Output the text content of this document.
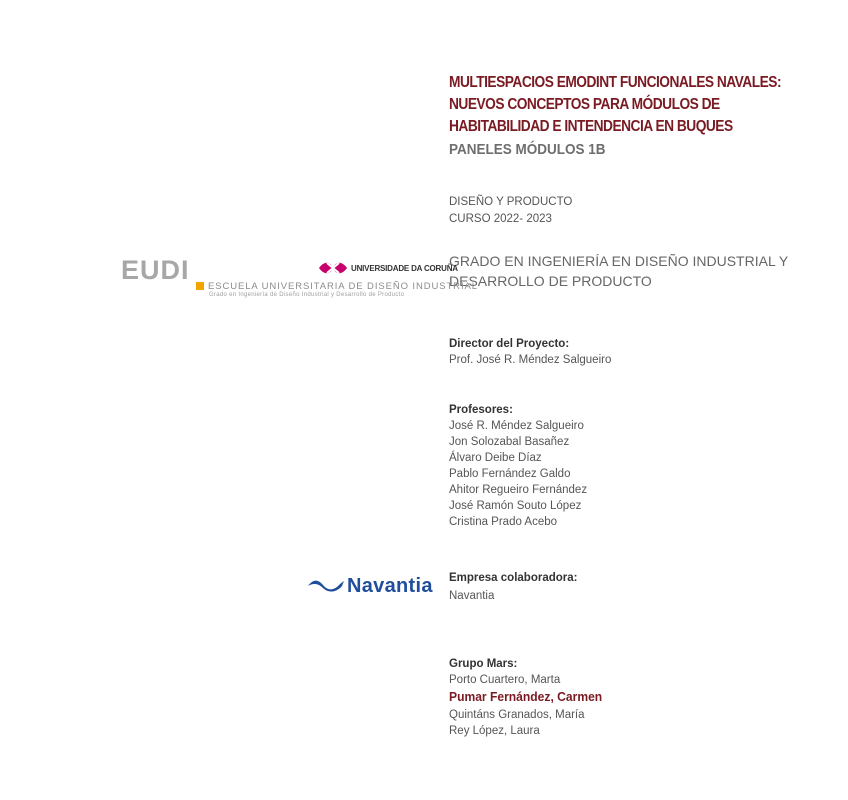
MULTIESPACIOS EMODINT FUNCIONALES NAVALES:
NUEVOS CONCEPTOS PARA MÓDULOS DE
HABITABILIDAD E INTENDENCIA EN BUQUES
PANELES MÓDULOS 1B
DISEÑO Y PRODUCTO
CURSO 2022- 2023
GRADO EN INGENIERÍA EN DISEÑO INDUSTRIAL Y
DESARROLLO DE PRODUCTO
EUDI
ESCUELA UNIVERSITARIA DE DISEÑO INDUSTRIAL
Grado en Ingeniería de Diseño Industrial y Desarrollo de Producto
UNIVERSIDADE DA CORUÑA
Director del Proyecto:
Prof. José R. Méndez Salgueiro
Profesores:
José R. Méndez Salgueiro
Jon Solozabal Basañez
Álvaro Deibe Díaz
Pablo Fernández Galdo
Ahitor Regueiro Fernández
José Ramón Souto López
Cristina Prado Acebo
Navantia Empresa colaboradora:
Navantia
Grupo Mars:
Porto Cuartero, Marta
Pumar Fernández, Carmen
Quintáns Granados, María
Rey López, Laura
